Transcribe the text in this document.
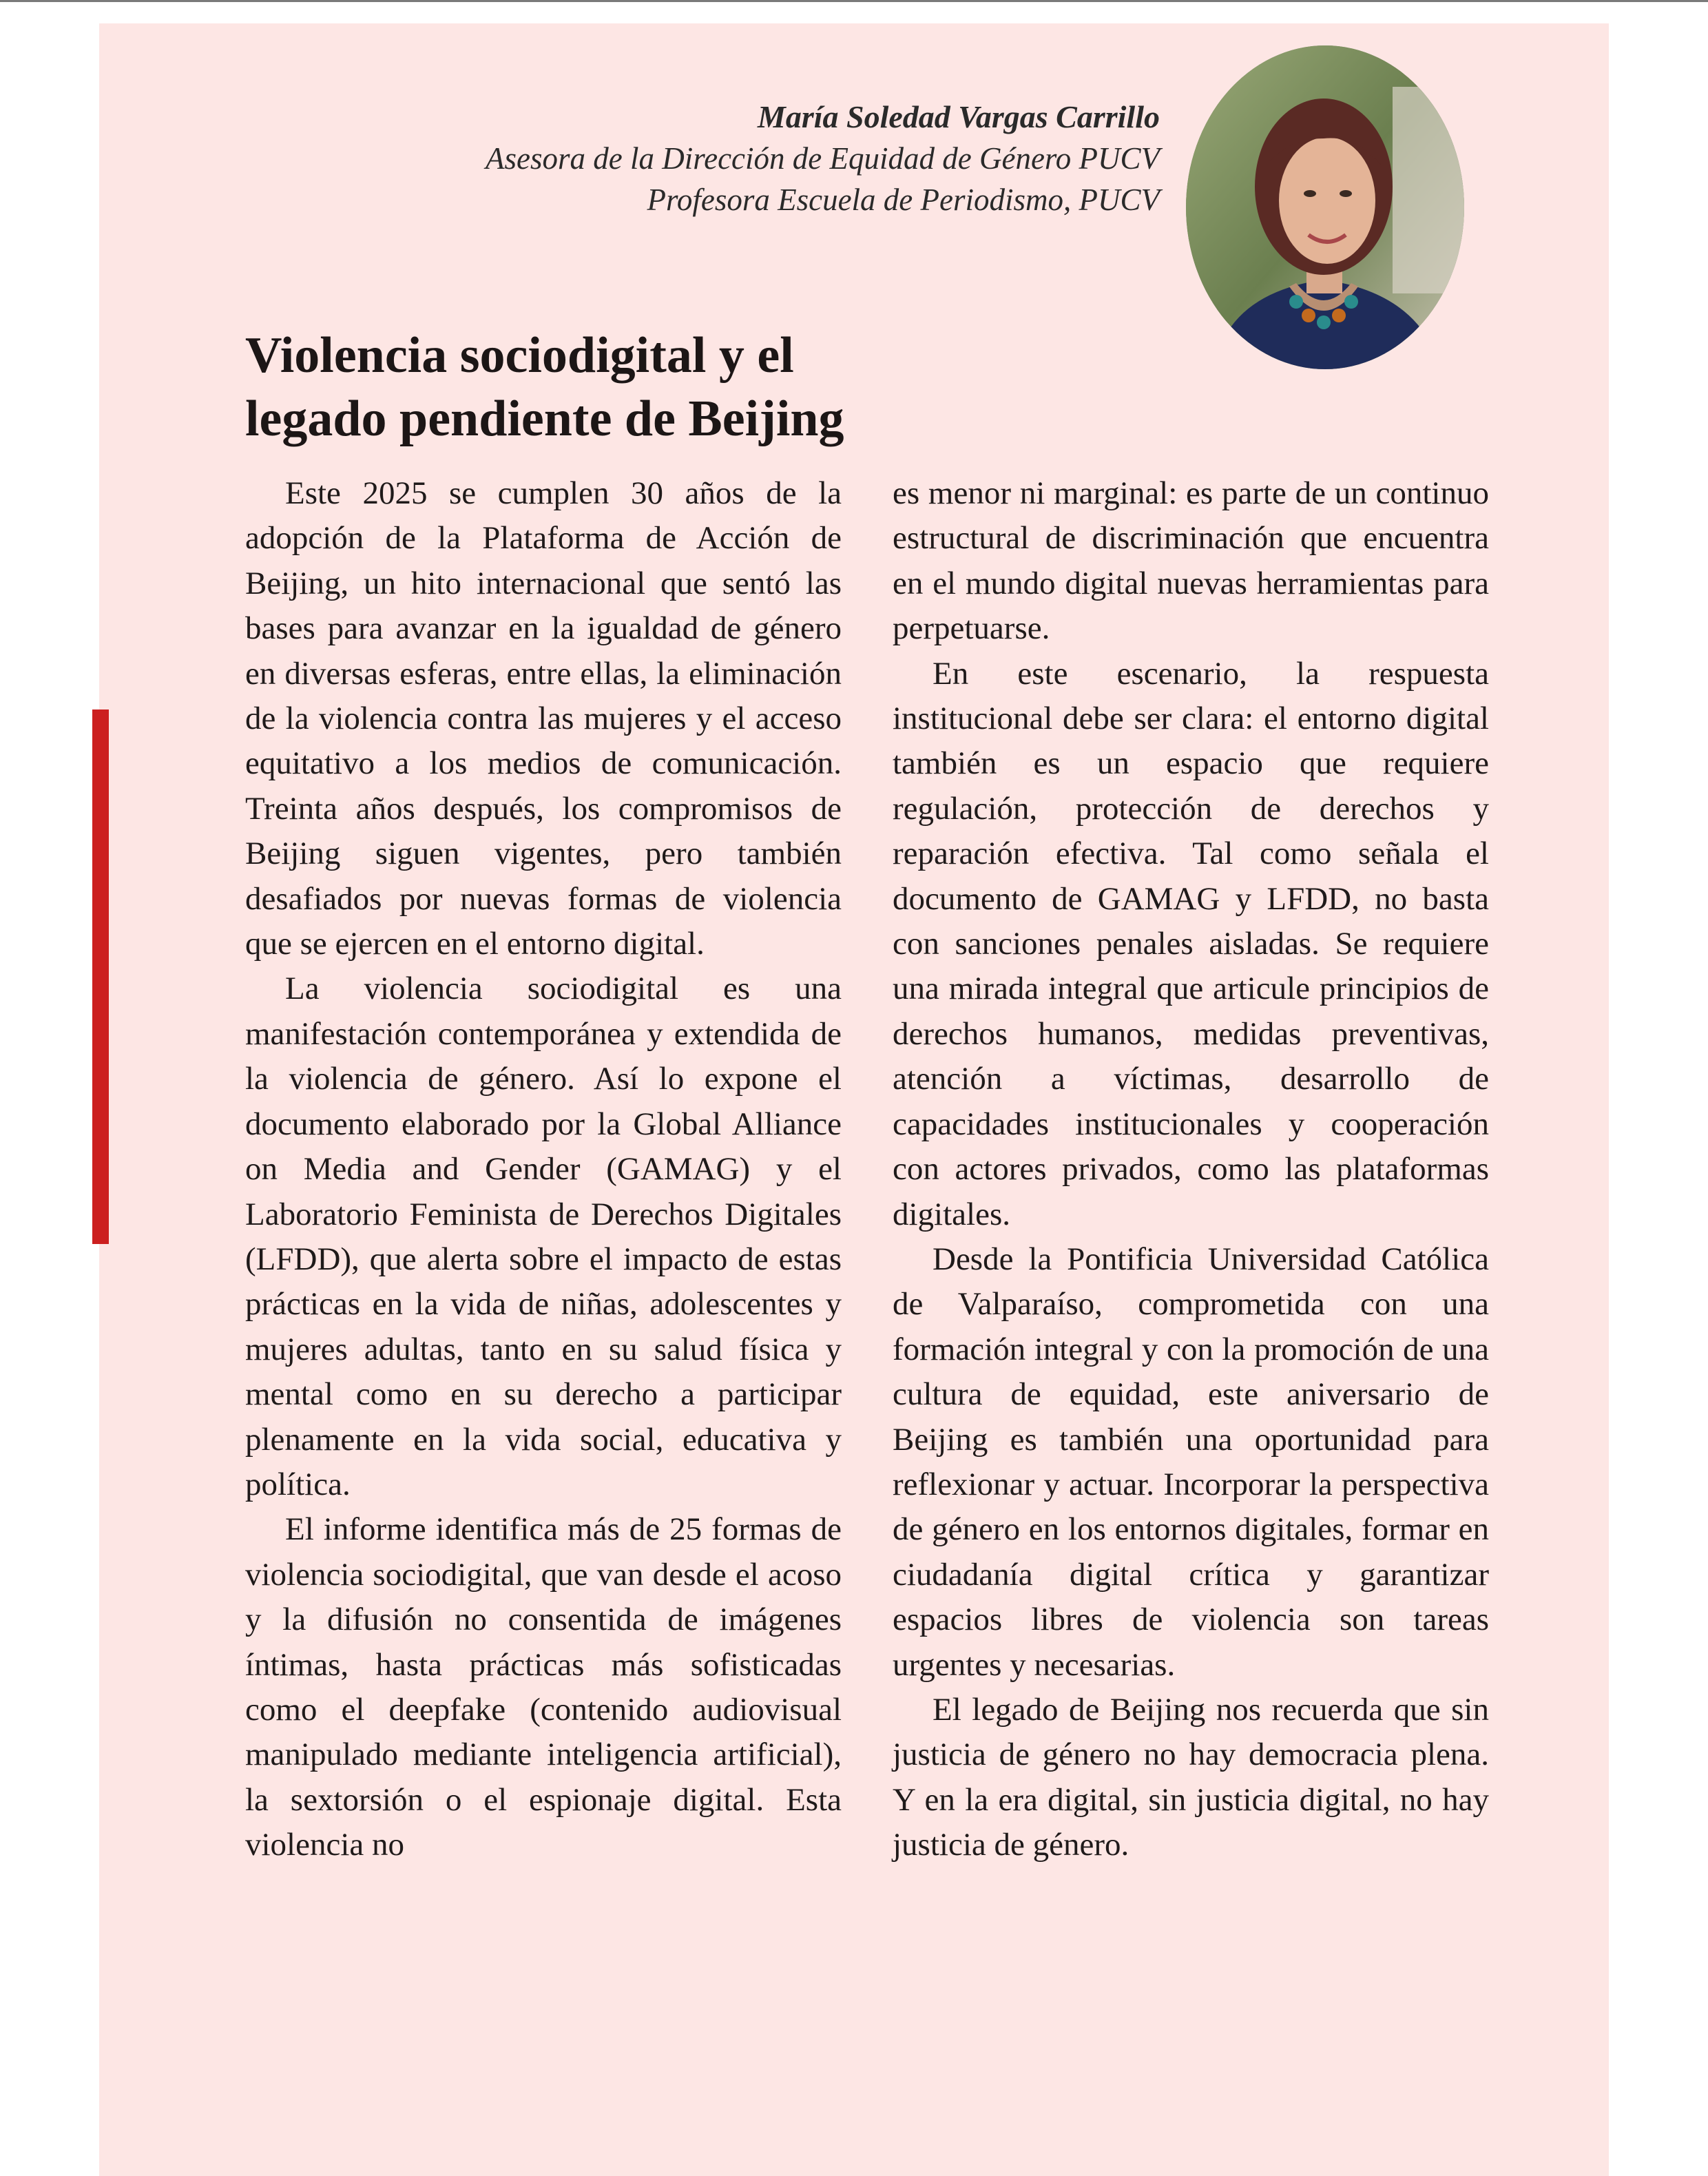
María Soledad Vargas Carrillo
Asesora de la Dirección de Equidad de Género PUCV
Profesora Escuela de Periodismo, PUCV
Violencia sociodigital y el
legado pendiente de Beijing

Este 2025 se cumplen 30 años de la adopción de la Plataforma de Acción de Beijing, un hito internacional que sentó las bases para avanzar en la igualdad de género en diversas esferas, entre ellas, la eliminación de la violencia contra las mujeres y el acceso equitativo a los medios de comunicación. Treinta años después, los compromisos de Beijing siguen vigentes, pero también desafiados por nuevas formas de violencia que se ejercen en el entorno digital.

La violencia sociodigital es una manifestación contemporánea y extendida de la violencia de género. Así lo expone el documento elaborado por la Global Alliance on Media and Gender (GAMAG) y el Laboratorio Feminista de Derechos Digitales (LFDD), que alerta sobre el impacto de estas prácticas en la vida de niñas, adolescentes y mujeres adultas, tanto en su salud física y mental como en su derecho a participar plenamente en la vida social, educativa y política.

El informe identifica más de 25 formas de violencia sociodigital, que van desde el acoso y la difusión no consentida de imágenes íntimas, hasta prácticas más sofisticadas como el deepfake (contenido audiovisual manipulado mediante inteligencia artificial), la sextorsión o el espionaje digital. Esta violencia no

es menor ni marginal: es parte de un continuo estructural de discriminación que encuentra en el mundo digital nuevas herramientas para perpetuarse.

En este escenario, la respuesta institucional debe ser clara: el entorno digital también es un espacio que requiere regulación, protección de derechos y reparación efectiva. Tal como señala el documento de GAMAG y LFDD, no basta con sanciones penales aisladas. Se requiere una mirada integral que articule principios de derechos humanos, medidas preventivas, atención a víctimas, desarrollo de capacidades institucionales y cooperación con actores privados, como las plataformas digitales.

Desde la Pontificia Universidad Católica de Valparaíso, comprometida con una formación integral y con la promoción de una cultura de equidad, este aniversario de Beijing es también una oportunidad para reflexionar y actuar. Incorporar la perspectiva de género en los entornos digitales, formar en ciudadanía digital crítica y garantizar espacios libres de violencia son tareas urgentes y necesarias.

El legado de Beijing nos recuerda que sin justicia de género no hay democracia plena. Y en la era digital, sin justicia digital, no hay justicia de género.
